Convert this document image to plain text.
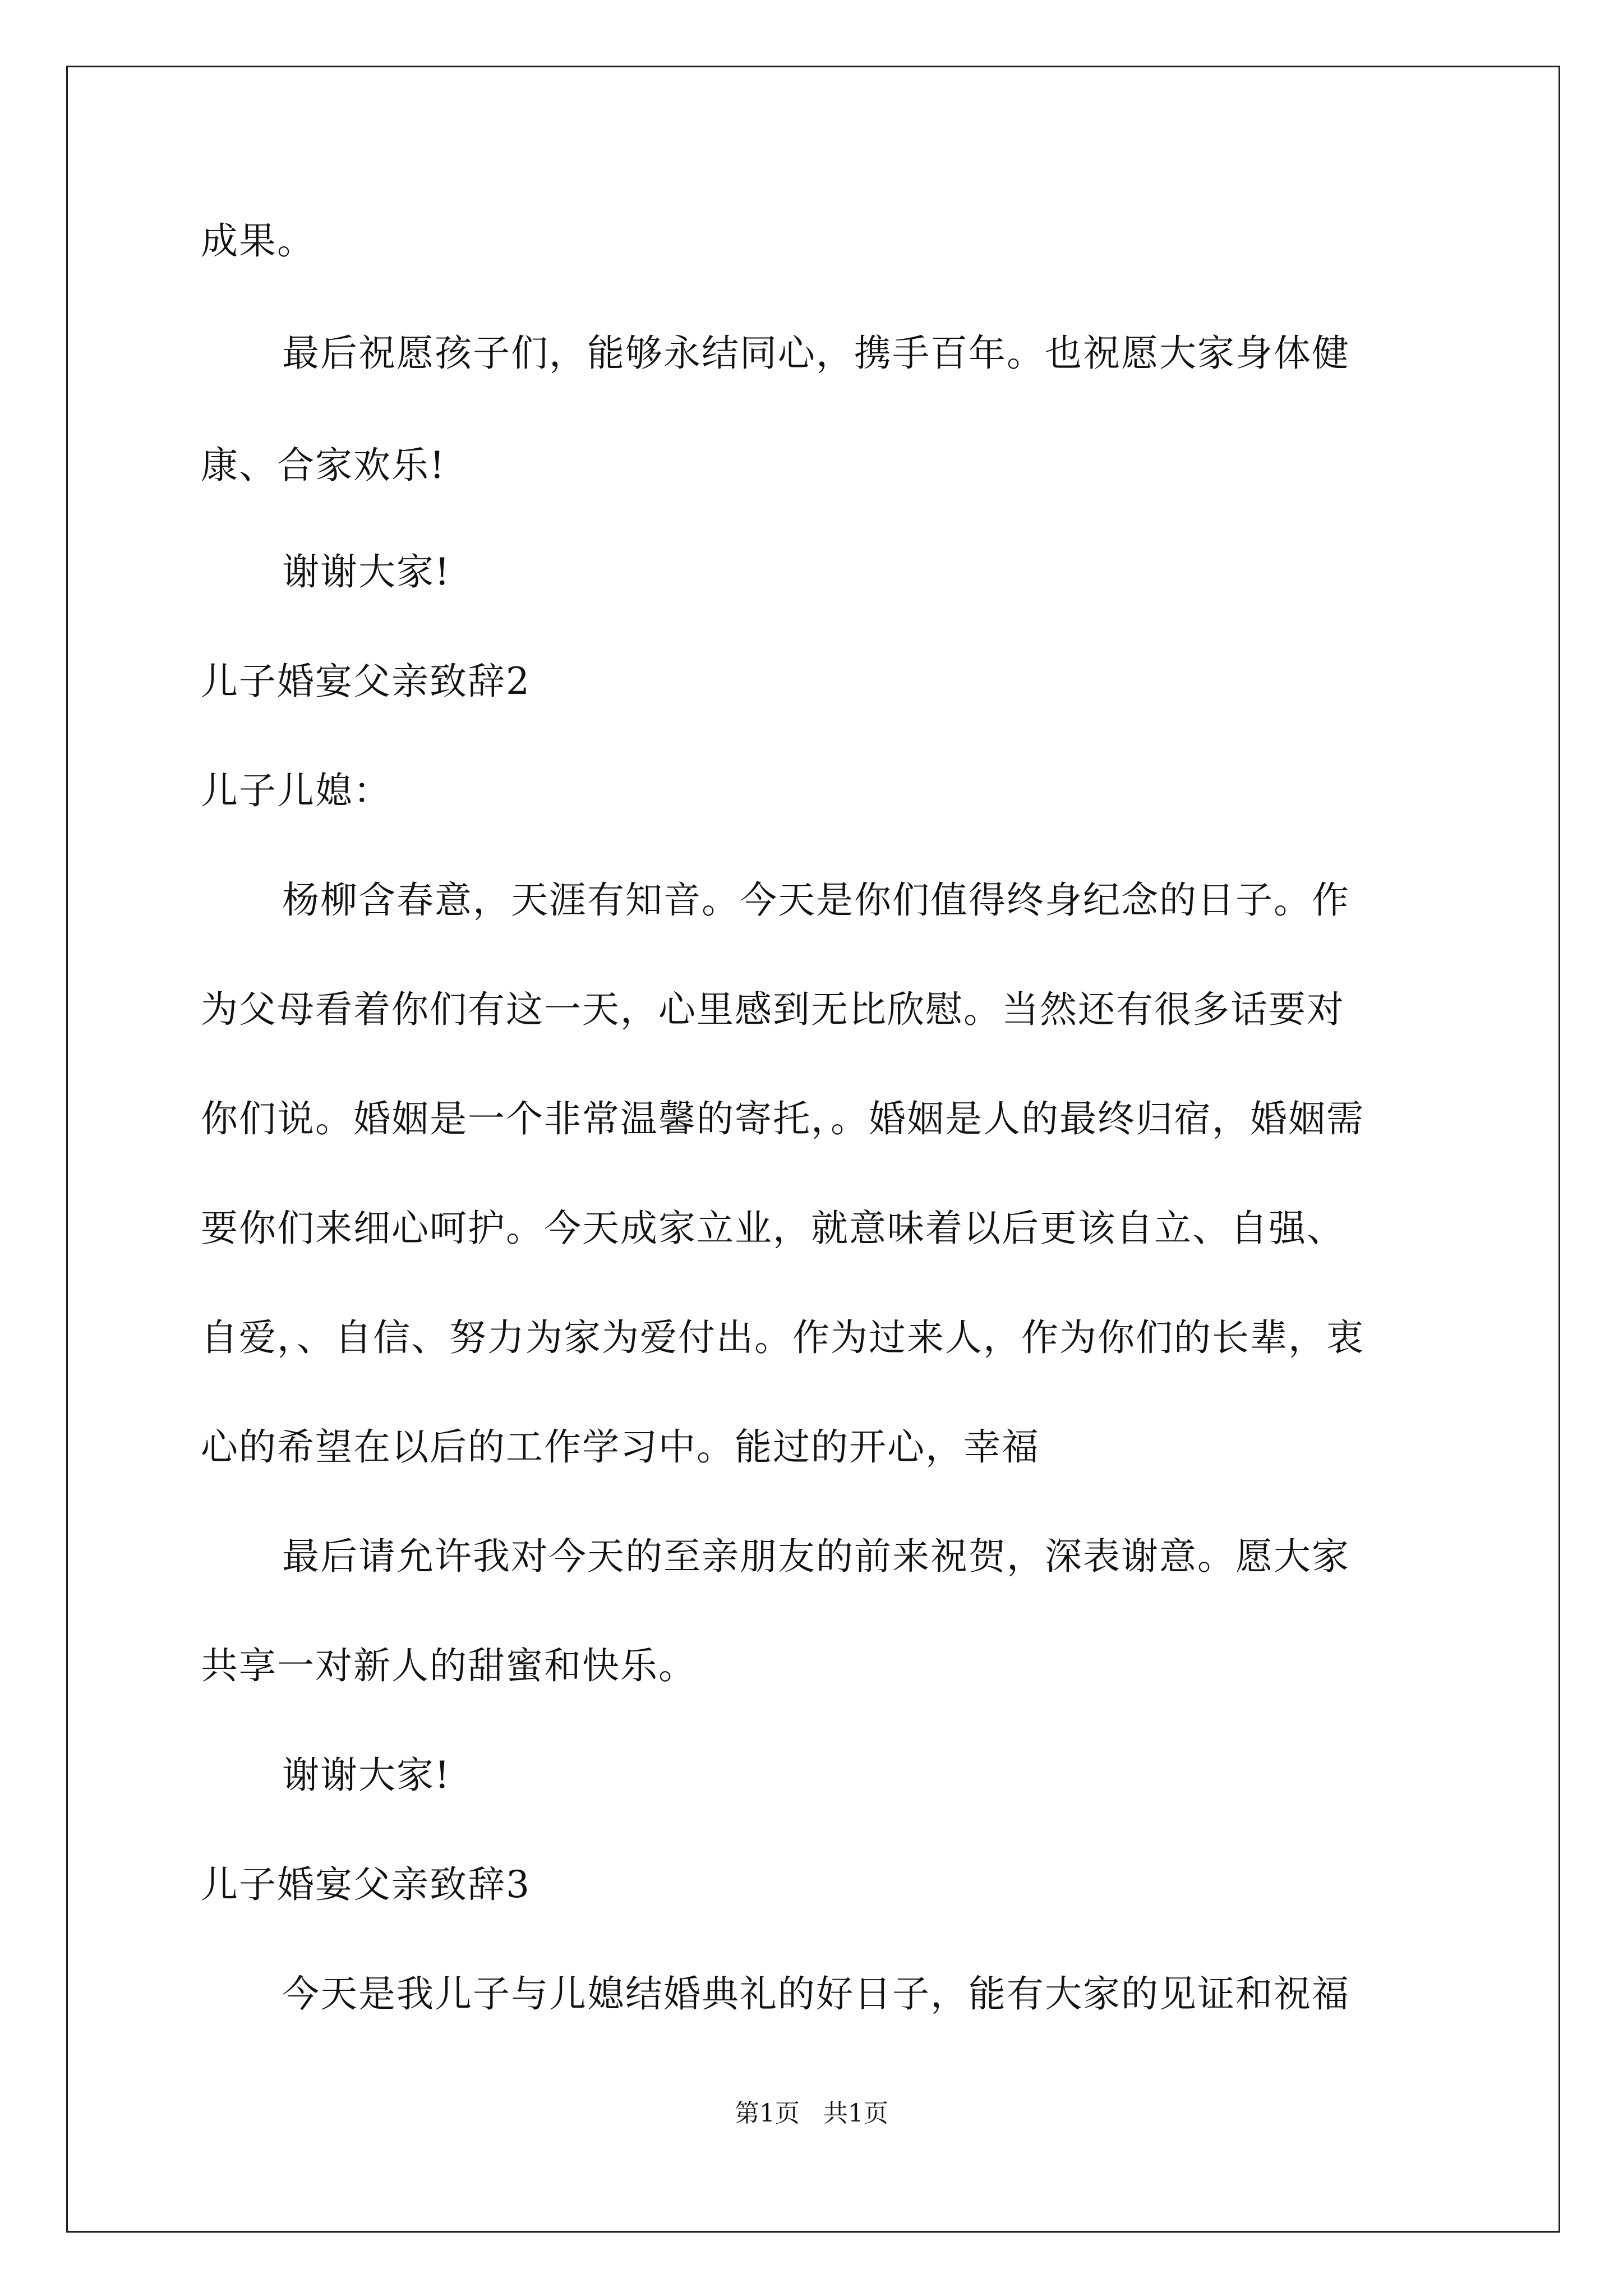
成果。
最后祝愿孩子们，能够永结同心，携手百年。也祝愿大家身体健
康、合家欢乐!
谢谢大家!
儿子婚宴父亲致辞2
儿子儿媳：
杨柳含春意，天涯有知音。今天是你们值得终身纪念的日子。作
为父母看着你们有这一天，心里感到无比欣慰。当然还有很多话要对
你们说。婚姻是一个非常温馨的寄托，。婚姻是人的最终归宿，婚姻需
要你们来细心呵护。今天成家立业，就意味着以后更该自立、自强、
自爱，、自信、努力为家为爱付出。作为过来人，作为你们的长辈，衷
心的希望在以后的工作学习中。能过的开心，幸福
最后请允许我对今天的至亲朋友的前来祝贺，深表谢意。愿大家
共享一对新人的甜蜜和快乐。
谢谢大家!
儿子婚宴父亲致辞3
今天是我儿子与儿媳结婚典礼的好日子，能有大家的见证和祝福
第1页   共1页
